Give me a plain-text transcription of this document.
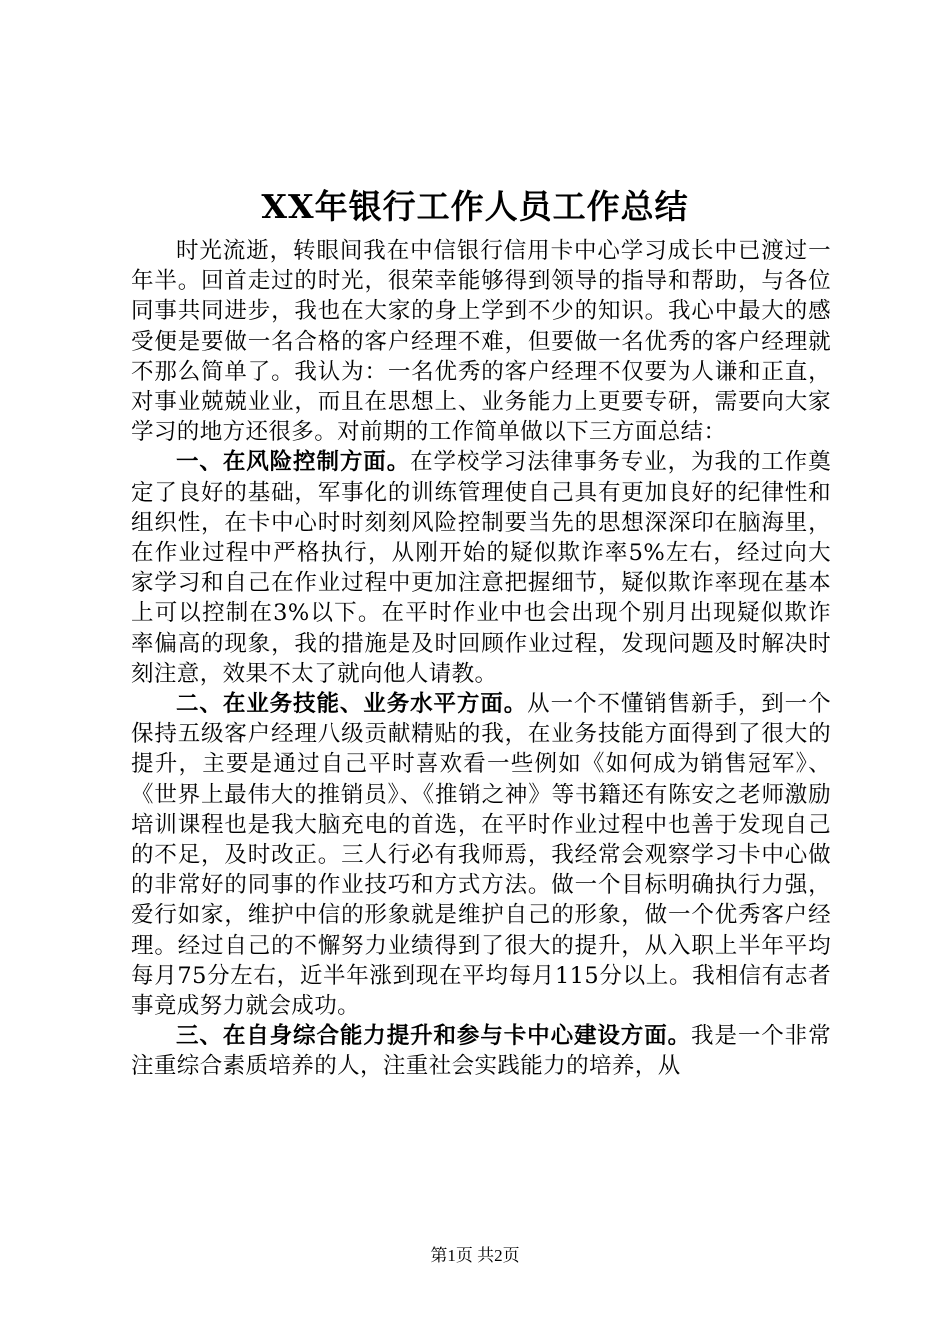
XX年银行工作人员工作总结

时光流逝，转眼间我在中信银行信用卡中心学习成长中已渡过一年半。回首走过的时光，很荣幸能够得到领导的指导和帮助，与各位同事共同进步，我也在大家的身上学到不少的知识。我心中最大的感受便是要做一名合格的客户经理不难，但要做一名优秀的客户经理就不那么简单了。我认为：一名优秀的客户经理不仅要为人谦和正直，对事业兢兢业业，而且在思想上、业务能力上更要专研，需要向大家学习的地方还很多。对前期的工作简单做以下三方面总结：

一、在风险控制方面。在学校学习法律事务专业，为我的工作奠定了良好的基础，军事化的训练管理使自己具有更加良好的纪律性和组织性，在卡中心时时刻刻风险控制要当先的思想深深印在脑海里，在作业过程中严格执行，从刚开始的疑似欺诈率5%左右，经过向大家学习和自己在作业过程中更加注意把握细节，疑似欺诈率现在基本上可以控制在3%以下。在平时作业中也会出现个别月出现疑似欺诈率偏高的现象，我的措施是及时回顾作业过程，发现问题及时解决时刻注意，效果不太了就向他人请教。

二、在业务技能、业务水平方面。从一个不懂销售新手，到一个保持五级客户经理八级贡献精贴的我，在业务技能方面得到了很大的提升，主要是通过自己平时喜欢看一些例如《如何成为销售冠军》、《世界上最伟大的推销员》、《推销之神》等书籍还有陈安之老师激励培训课程也是我大脑充电的首选，在平时作业过程中也善于发现自己的不足，及时改正。三人行必有我师焉，我经常会观察学习卡中心做的非常好的同事的作业技巧和方式方法。做一个目标明确执行力强，爱行如家，维护中信的形象就是维护自己的形象，做一个优秀客户经理。经过自己的不懈努力业绩得到了很大的提升，从入职上半年平均每月75分左右，近半年涨到现在平均每月115分以上。我相信有志者事竟成努力就会成功。

三、在自身综合能力提升和参与卡中心建设方面。我是一个非常注重综合素质培养的人，注重社会实践能力的培养，从

第1页 共2页
